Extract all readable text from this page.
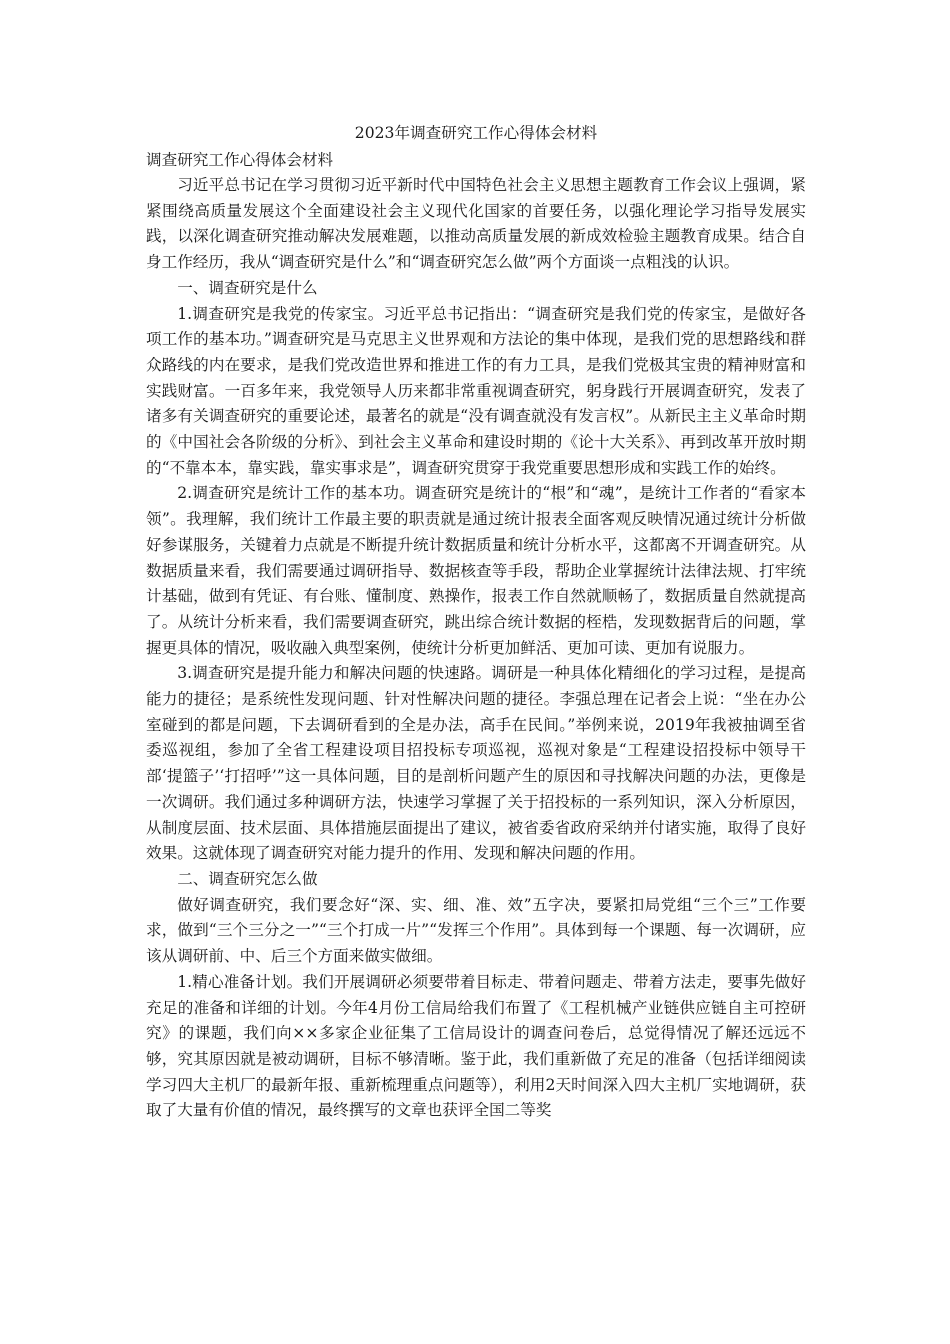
2023年调查研究工作心得体会材料

调查研究工作心得体会材料

习近平总书记在学习贯彻习近平新时代中国特色社会主义思想主题教育工作会议上强调，紧紧围绕高质量发展这个全面建设社会主义现代化国家的首要任务，以强化理论学习指导发展实践，以深化调查研究推动解决发展难题，以推动高质量发展的新成效检验主题教育成果。结合自身工作经历，我从“调查研究是什么”和“调查研究怎么做”两个方面谈一点粗浅的认识。

一、调查研究是什么

1.调查研究是我党的传家宝。习近平总书记指出：“调查研究是我们党的传家宝，是做好各项工作的基本功。”调查研究是马克思主义世界观和方法论的集中体现，是我们党的思想路线和群众路线的内在要求，是我们党改造世界和推进工作的有力工具，是我们党极其宝贵的精神财富和实践财富。一百多年来，我党领导人历来都非常重视调查研究，躬身践行开展调查研究，发表了诸多有关调查研究的重要论述，最著名的就是“没有调查就没有发言权”。从新民主主义革命时期的《中国社会各阶级的分析》、到社会主义革命和建设时期的《论十大关系》、再到改革开放时期的“不靠本本，靠实践，靠实事求是”，调查研究贯穿于我党重要思想形成和实践工作的始终。

2.调查研究是统计工作的基本功。调查研究是统计的“根”和“魂”，是统计工作者的“看家本领”。我理解，我们统计工作最主要的职责就是通过统计报表全面客观反映情况通过统计分析做好参谋服务，关键着力点就是不断提升统计数据质量和统计分析水平，这都离不开调查研究。从数据质量来看，我们需要通过调研指导、数据核查等手段，帮助企业掌握统计法律法规、打牢统计基础，做到有凭证、有台账、懂制度、熟操作，报表工作自然就顺畅了，数据质量自然就提高了。从统计分析来看，我们需要调查研究，跳出综合统计数据的桎梏，发现数据背后的问题，掌握更具体的情况，吸收融入典型案例，使统计分析更加鲜活、更加可读、更加有说服力。

3.调查研究是提升能力和解决问题的快速路。调研是一种具体化精细化的学习过程，是提高能力的捷径；是系统性发现问题、针对性解决问题的捷径。李强总理在记者会上说：“坐在办公室碰到的都是问题，下去调研看到的全是办法，高手在民间。”举例来说，2019年我被抽调至省委巡视组，参加了全省工程建设项目招投标专项巡视，巡视对象是“工程建设招投标中领导干部‘提篮子’‘打招呼’”这一具体问题，目的是剖析问题产生的原因和寻找解决问题的办法，更像是一次调研。我们通过多种调研方法，快速学习掌握了关于招投标的一系列知识，深入分析原因，从制度层面、技术层面、具体措施层面提出了建议，被省委省政府采纳并付诸实施，取得了良好效果。这就体现了调查研究对能力提升的作用、发现和解决问题的作用。

二、调查研究怎么做

做好调查研究，我们要念好“深、实、细、准、效”五字决，要紧扣局党组“三个三”工作要求，做到“三个三分之一”“三个打成一片”“发挥三个作用”。具体到每一个课题、每一次调研，应该从调研前、中、后三个方面来做实做细。

1.精心准备计划。我们开展调研必须要带着目标走、带着问题走、带着方法走，要事先做好充足的准备和详细的计划。今年4月份工信局给我们布置了《工程机械产业链供应链自主可控研究》的课题，我们向××多家企业征集了工信局设计的调查问卷后，总觉得情况了解还远远不够，究其原因就是被动调研，目标不够清晰。鉴于此，我们重新做了充足的准备（包括详细阅读学习四大主机厂的最新年报、重新梳理重点问题等），利用2天时间深入四大主机厂实地调研，获取了大量有价值的情况，最终撰写的文章也获评全国二等奖
